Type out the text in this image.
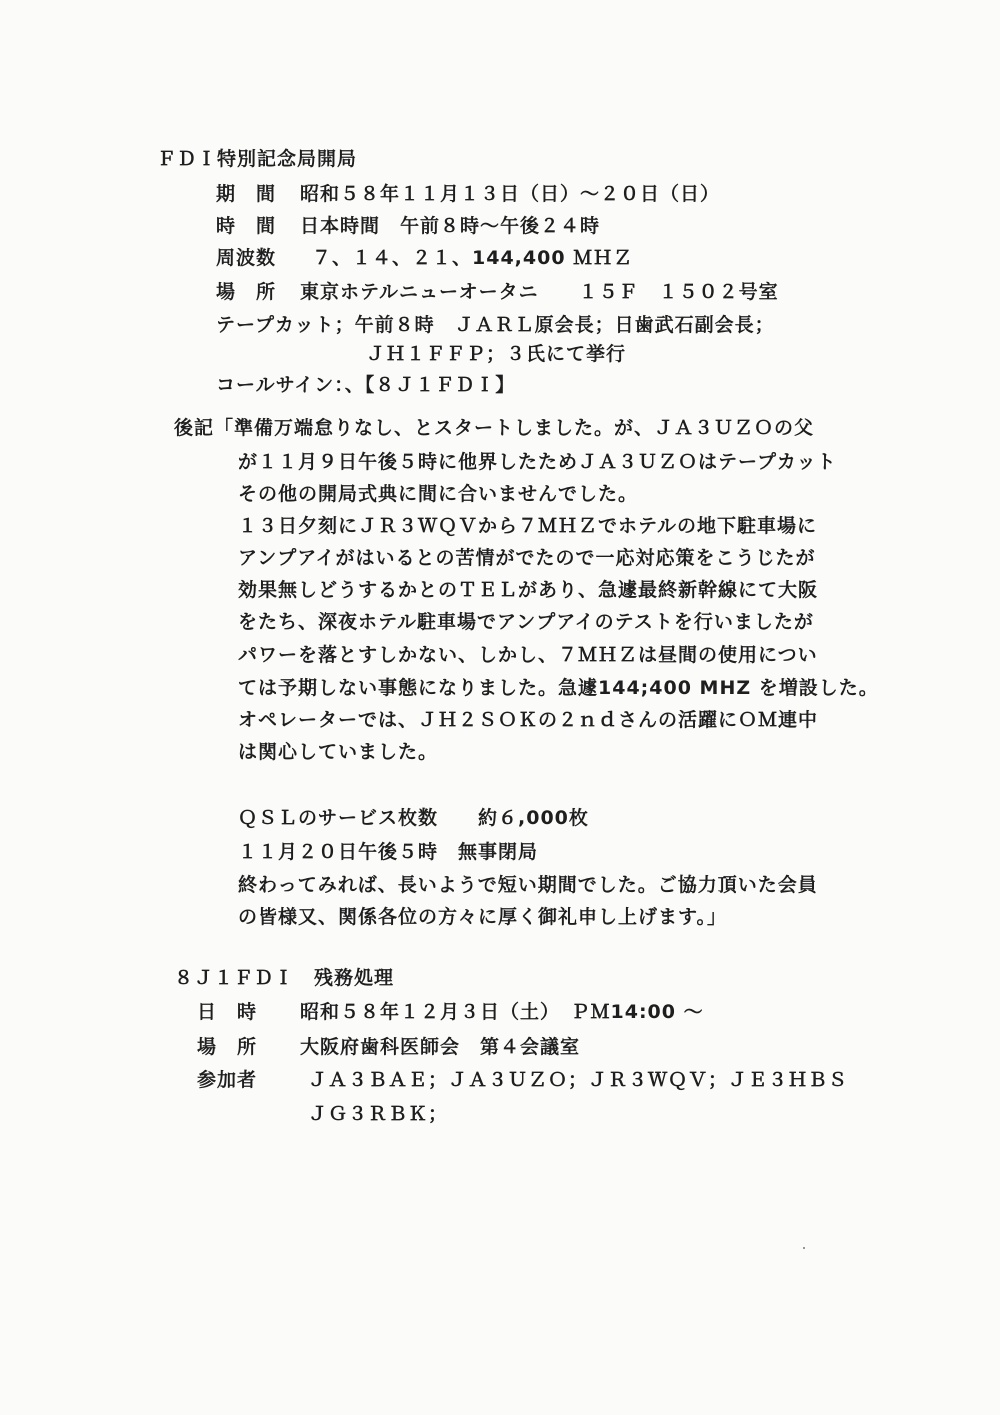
ＦＤＩ特別記念局開局
期　間 昭和５８年１１月１３日（日）～２０日（日）
時　間 日本時間　午前８時～午後２４時
周波数 ７、１４、２１、144,400 ＭＨＺ
場　所 東京ホテルニューオータニ　　１５Ｆ　１５０２号室
テープカット；午前８時　ＪＡＲＬ原会長；日歯武石副会長；
ＪＨ１ＦＦＰ；３氏にて挙行
コールサイン：、【８Ｊ１ＦＤＩ】
後記「準備万端怠りなし、とスタートしました。が、ＪＡ３ＵＺＯの父
が１１月９日午後５時に他界したためＪＡ３ＵＺＯはテープカット
その他の開局式典に間に合いませんでした。
１３日夕刻にＪＲ３ＷＱＶから７ＭＨＺでホテルの地下駐車場に
アンプアイがはいるとの苦情がでたので一応対応策をこうじたが
効果無しどうするかとのＴＥＬがあり、急遽最終新幹線にて大阪
をたち、深夜ホテル駐車場でアンプアイのテストを行いましたが
パワーを落とすしかない、しかし、７ＭＨＺは昼間の使用につい
ては予期しない事態になりました。急遽144;400 MHZ を増設した。
オペレーターでは、ＪＨ２ＳＯＫの２ｎｄさんの活躍にＯＭ連中
は関心していました。
ＱＳＬのサービス枚数　　約６,000枚
１１月２０日午後５時　無事閉局
終わってみれば、長いようで短い期間でした。ご協力頂いた会員
の皆様又、関係各位の方々に厚く御礼申し上げます。」
８Ｊ１ＦＤＩ　残務処理
日　時 昭和５８年１２月３日（土）　ＰＭ14:00 ～
場　所 大阪府歯科医師会　第４会議室
参加者	ＪＡ３ＢＡＥ；ＪＡ３ＵＺＯ；ＪＲ３ＷＱＶ；ＪＥ３ＨＢＳ
ＪＧ３ＲＢＫ；
